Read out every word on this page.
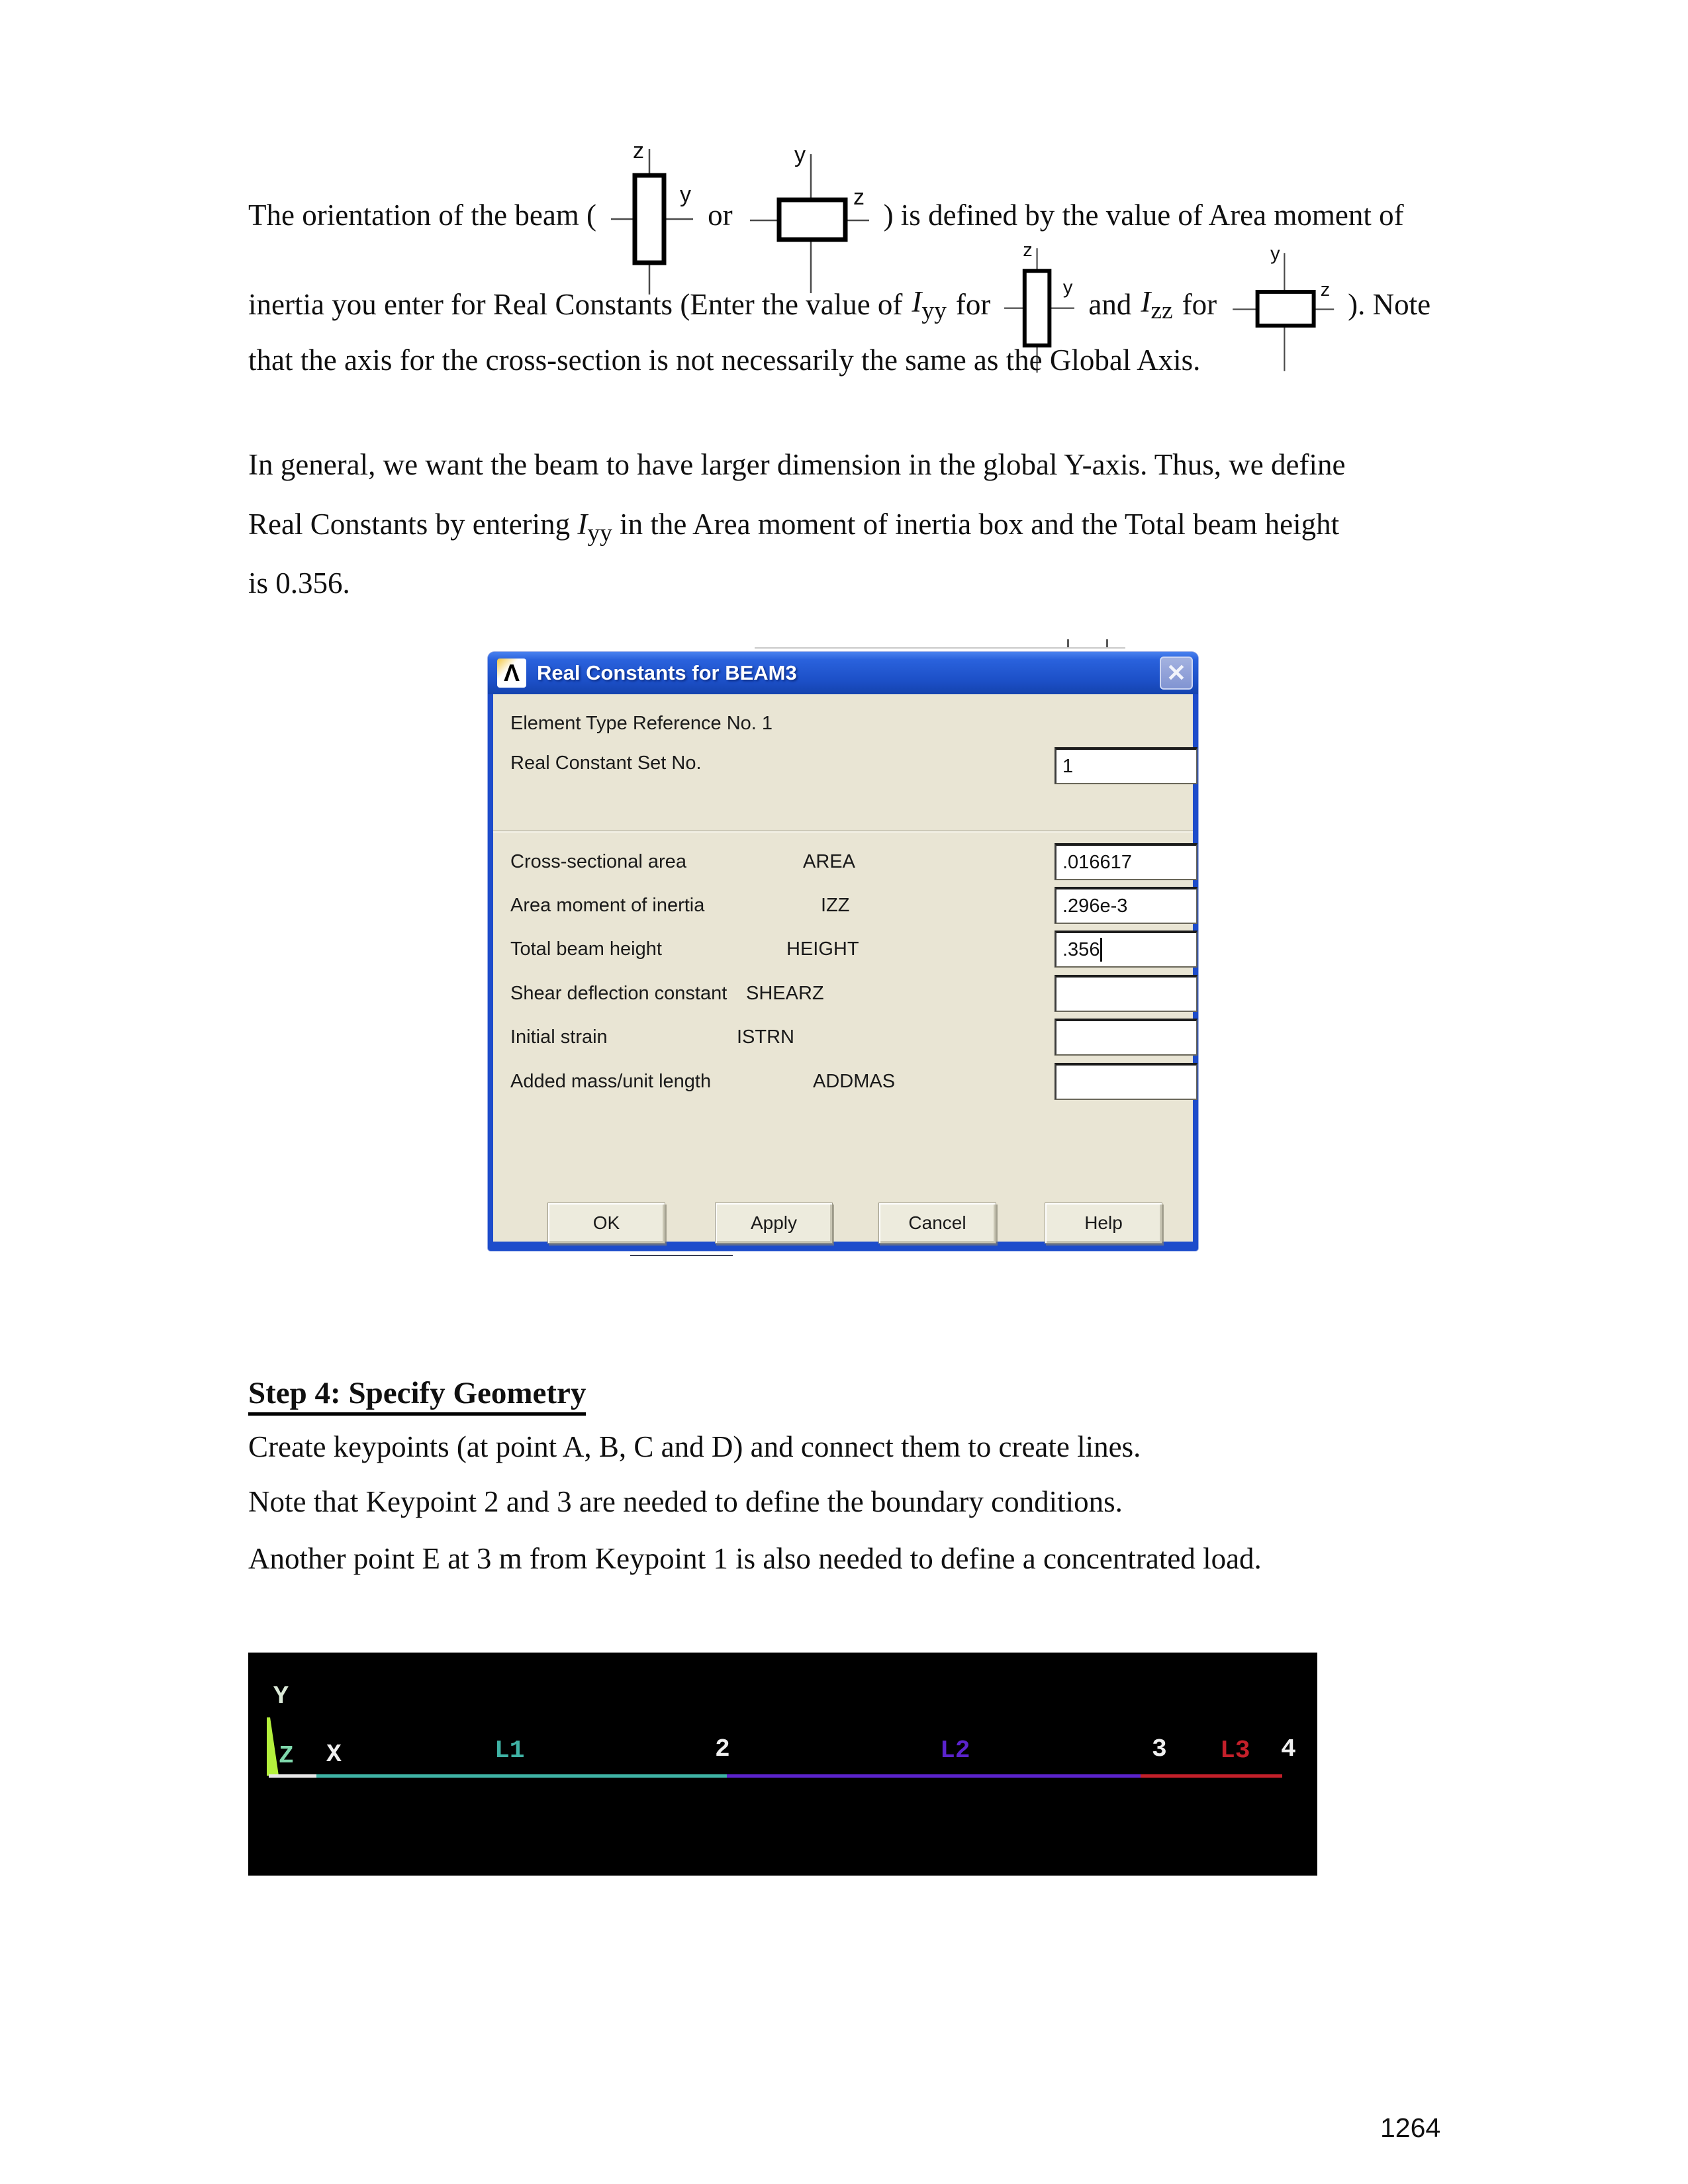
The orientation of the beam (
z
y
or
y
z
) is defined by the value of Area moment of
inertia you enter for Real Constants (Enter the value of $I_{yy}$ for
z
y
and $I_{zz}$ for
y
z ). Note
that the axis for the cross-section is not necessarily the same as the Global Axis.
In general, we want the beam to have larger dimension in the global Y-axis. Thus, we define
Real Constants by entering $I_{yy}$ in the Area moment of inertia box and the Total beam height
is 0.356.
Λ Real Constants for BEAM3	✕
Element Type Reference No. 1
Real Constant Set No.	1
Cross-sectional area	AREA	.016617
Area moment of inertia	IZZ	.296e-3
Total beam height	HEIGHT	.356
Shear deflection constant SHEARZ
Initial strain	ISTRN
Added mass/unit length	ADDMAS
OK	Apply	Cancel	Help
Step 4: Specify Geometry
Create keypoints (at point A, B, C and D) and connect them to create lines.
Note that Keypoint 2 and 3 are needed to define the boundary conditions.
Another point E at 3 m from Keypoint 1 is also needed to define a concentrated load.
Y
Z X	L1	2	L2	3 L3 4
1264
